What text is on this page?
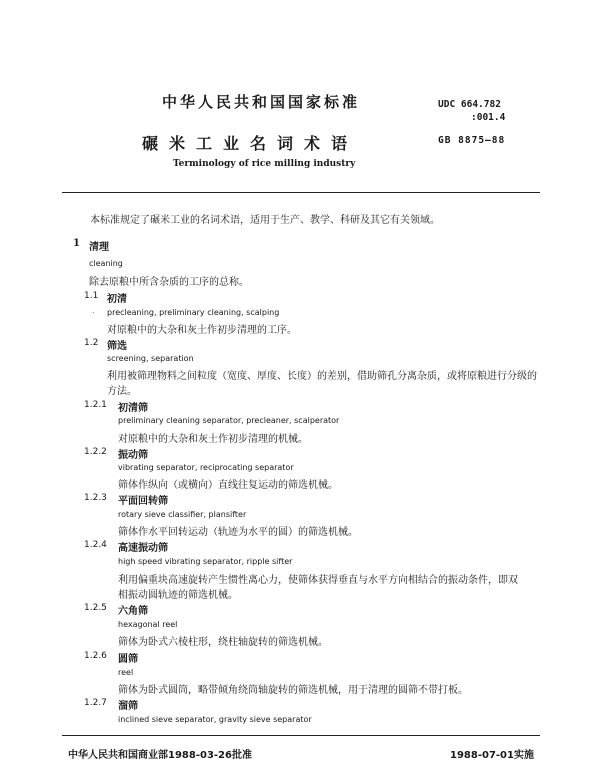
中华人民共和国国家标准	UDC 664.782
:001.4
碾米工业名词术语	GB 8875—88
Terminology of rice milling industry
本标准规定了碾米工业的名词术语，适用于生产、教学、科研及其它有关领域。
1 清理
cleaning
除去原粮中所含杂质的工序的总称。
1.1 初清
. precleaning, preliminary cleaning, scalping
对原粮中的大杂和灰土作初步清理的工序。
1.2 筛选
screening, separation
利用被筛理物料之间粒度（宽度、厚度、长度）的差别，借助筛孔分离杂质，或将原粮进行分级的
方法。
1.2.1 初清筛
preliminary cleaning separator, precleaner, scalperator
对原粮中的大杂和灰土作初步清理的机械。
1.2.2 振动筛
vibrating separator, reciprocating separator
筛体作纵向（或横向）直线往复运动的筛选机械。
1.2.3 平面回转筛
rotary sieve classifier, plansifter
筛体作水平回转运动（轨迹为水平的圆）的筛选机械。
1.2.4 高速振动筛
high speed vibrating separator, ripple sifter
利用偏重块高速旋转产生惯性离心力，使筛体获得垂直与水平方向相结合的振动条件，即双
相振动圆轨迹的筛选机械。
1.2.5 六角筛
hexagonal reel
筛体为卧式六棱柱形，绕柱轴旋转的筛选机械。
1.2.6 圆筛
reel
筛体为卧式圆筒，略带倾角绕筒轴旋转的筛选机械，用于清理的圆筛不带打板。
1.2.7 溜筛
inclined sieve separator, gravity sieve separator
中华人民共和国商业部1988-03-26批准	1988-07-01实施
